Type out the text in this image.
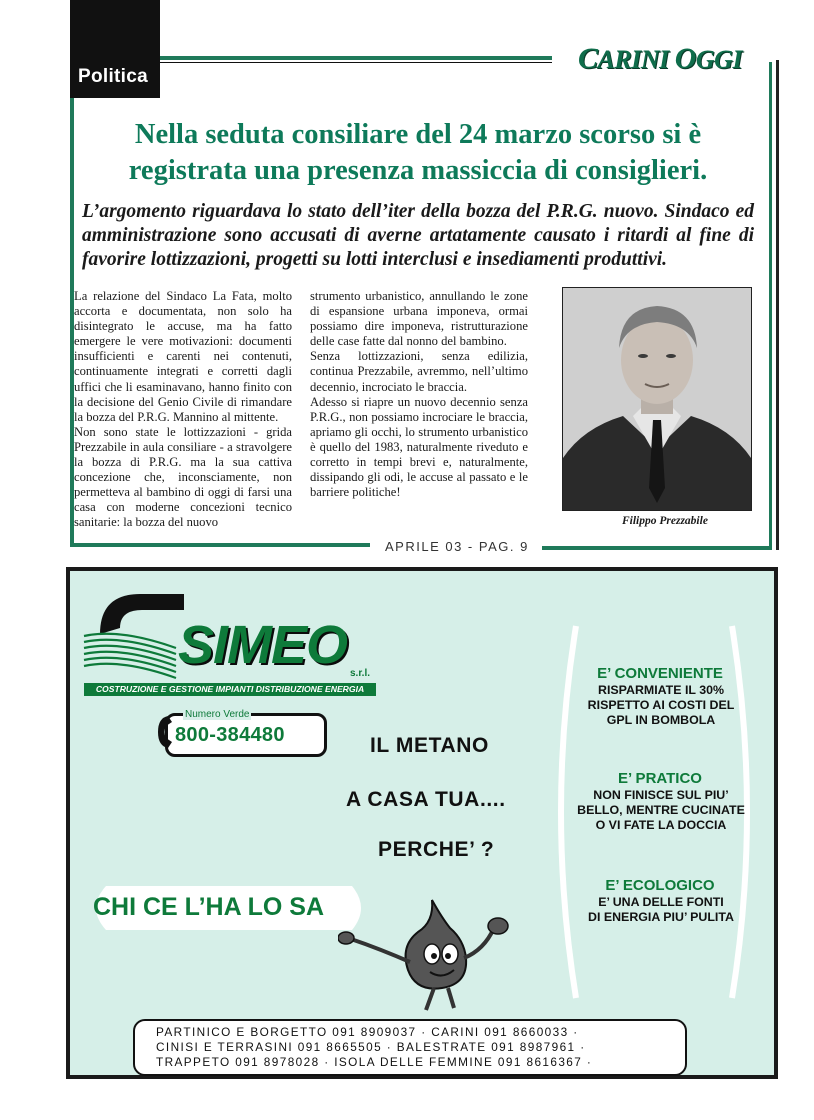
Politica
CARINI OGGI
Nella seduta consiliare del 24 marzo scorso si è registrata una presenza massiccia di consiglieri.
L’argomento riguardava lo stato dell’iter della bozza del P.R.G. nuovo. Sindaco ed amministrazione sono accusati di averne artatamente causato i ritardi al fine di favorire lottizzazioni, progetti su lotti interclusi e insediamenti produttivi.

La relazione del Sindaco La Fata, molto accorta e documentata, non solo ha disintegrato le accuse, ma ha fatto emergere le vere motivazioni: documenti insufficienti e carenti nei contenuti, continuamente integrati e corretti dagli uffici che li esaminavano, hanno finito con la decisione del Genio Civile di rimandare la bozza del P.R.G. Mannino al mittente.

Non sono state le lottizzazioni - grida Prezzabile in aula consiliare - a stravolgere la bozza di P.R.G. ma la sua cattiva concezione che, inconsciamente, non permetteva al bambino di oggi di farsi una casa con moderne concezioni tecnico sanitarie: la bozza del nuovo

strumento urbanistico, annullando le zone di espansione urbana imponeva, ormai possiamo dire imponeva, ristrutturazione delle case fatte dal nonno del bambino.

Senza lottizzazioni, senza edilizia, continua Prezzabile, avremmo, nell’ultimo decennio, incrociato le braccia.

Adesso si riapre un nuovo decennio senza P.R.G., non possiamo incrociare le braccia, apriamo gli occhi, lo strumento urbanistico è quello del 1983, naturalmente riveduto e corretto in tempi brevi e, naturalmente, dissipando gli odi, le accuse al passato e le barriere politiche!

Filippo Prezzabile
APRILE 03 - PAG. 9
SIMEO s.r.l.
COSTRUZIONE E GESTIONE IMPIANTI DISTRIBUZIONE ENERGIA
Numero Verde
800-384480	IL METANO
A CASA TUA....
PERCHE’ ?
CHI CE L’HA LO SA
E’ CONVENIENTE
RISPARMIATE IL 30%
RISPETTO AI COSTI DEL
GPL IN BOMBOLA
E’ PRATICO
NON FINISCE SUL PIU’
BELLO, MENTRE CUCINATE
O VI FATE LA DOCCIA
E’ ECOLOGICO
E’ UNA DELLE FONTI
DI ENERGIA PIU’ PULITA
PARTINICO E BORGETTO 091 8909037 · CARINI 091 8660033 ·
CINISI E TERRASINI 091 8665505 · BALESTRATE 091 8987961 ·
TRAPPETO 091 8978028 · ISOLA DELLE FEMMINE 091 8616367 ·
